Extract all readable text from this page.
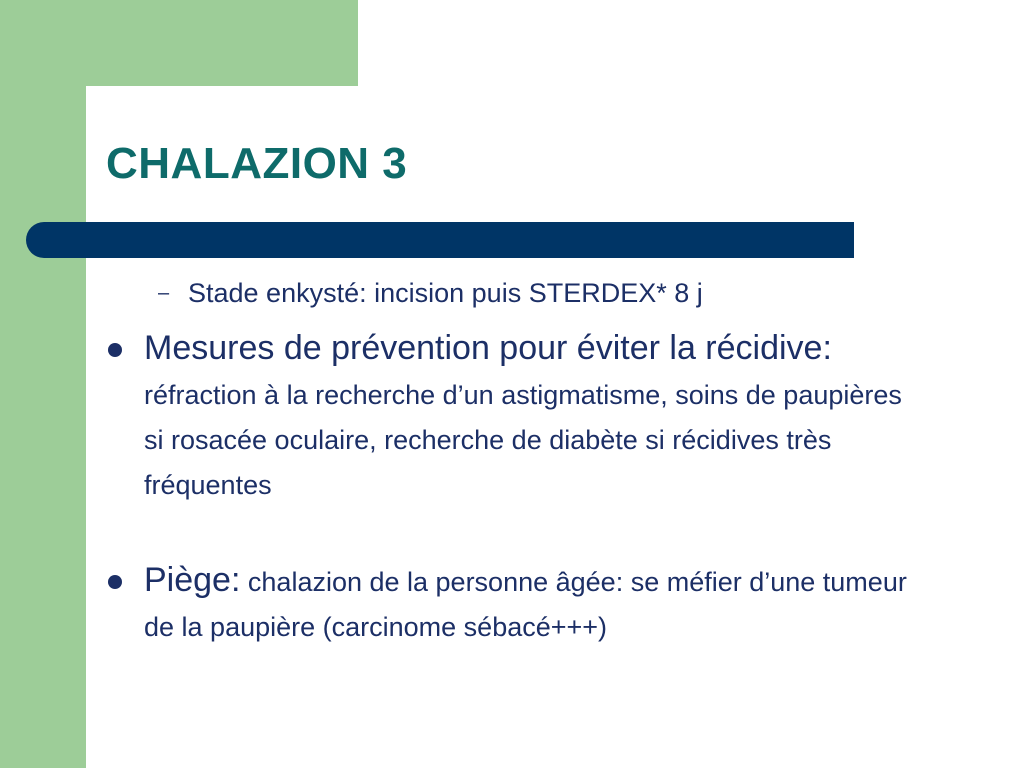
CHALAZION 3
– Stade enkysté: incision puis STERDEX* 8 j
Mesures de prévention pour éviter la récidive: réfraction à la recherche d’un astigmatisme, soins de paupières si rosacée oculaire, recherche de diabète si récidives très fréquentes
Piège: chalazion de la personne âgée: se méfier d’une tumeur de la paupière (carcinome sébacé+++)
